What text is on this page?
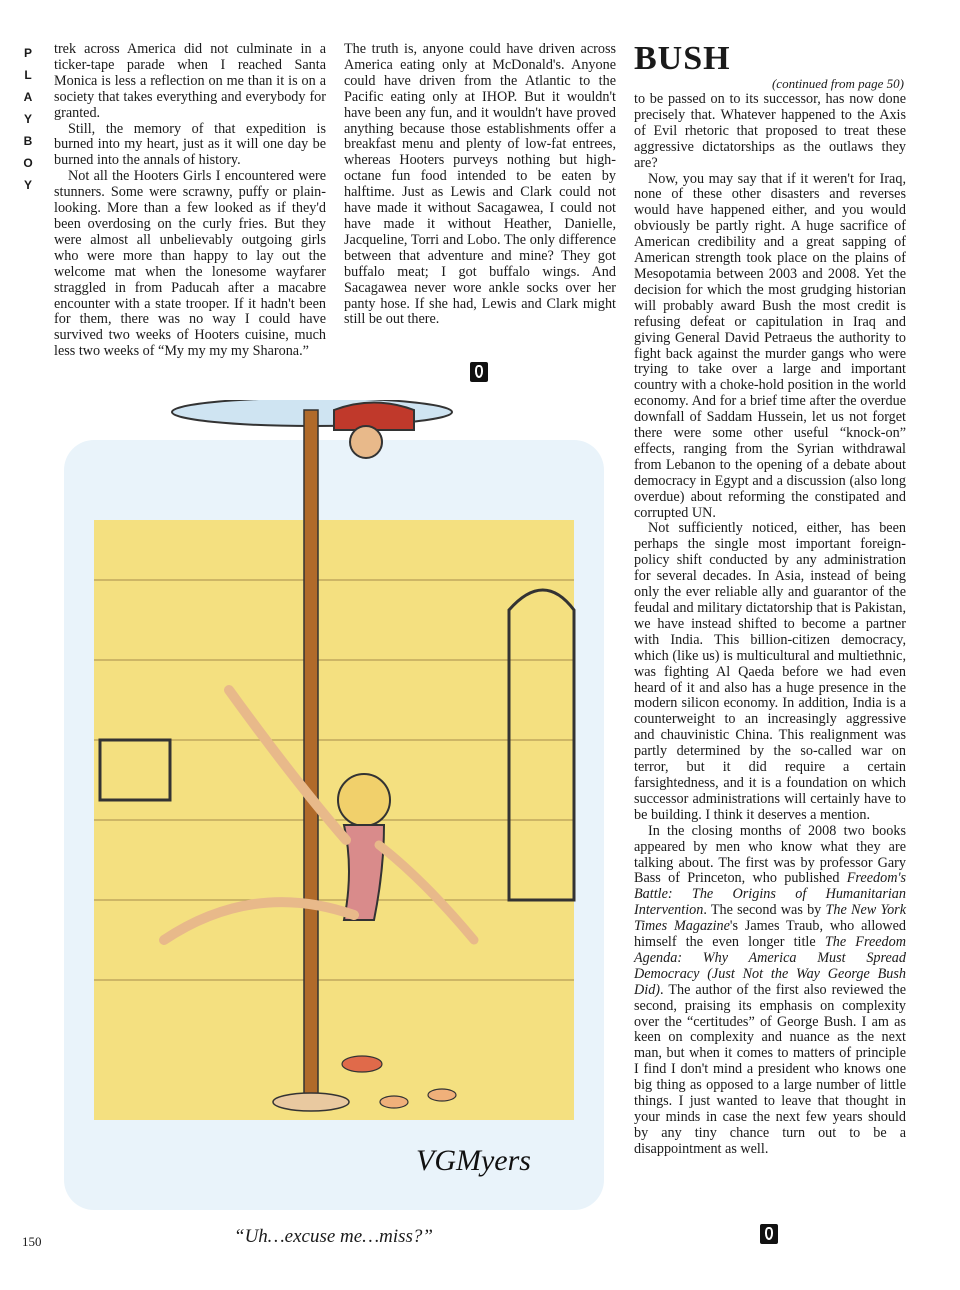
P
L
A
Y
B
O
Y

trek across America did not culminate in a ticker-tape parade when I reached Santa Monica is less a reflection on me than it is on a society that takes everything and everybody for granted.

Still, the memory of that expedition is burned into my heart, just as it will one day be burned into the annals of history.

Not all the Hooters Girls I encountered were stunners. Some were scrawny, puffy or plain-looking. More than a few looked as if they'd been overdosing on the curly fries. But they were almost all unbelievably outgoing girls who were more than happy to lay out the welcome mat when the lonesome wayfarer straggled in from Paducah after a macabre encounter with a state trooper. If it hadn't been for them, there was no way I could have survived two weeks of Hooters cuisine, much less two weeks of “My my my my Sharona.”

The truth is, anyone could have driven across America eating only at McDonald's. Anyone could have driven from the Atlantic to the Pacific eating only at IHOP. But it wouldn't have been any fun, and it wouldn't have proved anything because those establishments offer a breakfast menu and plenty of low-fat entrees, whereas Hooters purveys nothing but high-octane fun food intended to be eaten by halftime. Just as Lewis and Clark could not have made it without Sacagawea, I could not have made it without Heather, Danielle, Jacqueline, Torri and Lobo. The only difference between that adventure and mine? They got buffalo meat; I got buffalo wings. And Sacagawea never wore ankle socks over her panty hose. If she had, Lewis and Clark might still be out there.

BUSH
(continued from page 50)

to be passed on to its successor, has now done precisely that. Whatever happened to the Axis of Evil rhetoric that proposed to treat these aggressive dictatorships as the outlaws they are?

Now, you may say that if it weren't for Iraq, none of these other disasters and reverses would have happened either, and you would obviously be partly right. A huge sacrifice of American credibility and a great sapping of American strength took place on the plains of Mesopotamia between 2003 and 2008. Yet the decision for which the most grudging historian will probably award Bush the most credit is refusing defeat or capitulation in Iraq and giving General David Petraeus the authority to fight back against the murder gangs who were trying to take over a large and important country with a choke-hold position in the world economy. And for a brief time after the overdue downfall of Saddam Hussein, let us not forget there were some other useful “knock-on” effects, ranging from the Syrian withdrawal from Lebanon to the opening of a debate about democracy in Egypt and a discussion (also long overdue) about reforming the constipated and corrupted UN.

Not sufficiently noticed, either, has been perhaps the single most important foreign-policy shift conducted by any administration for several decades. In Asia, instead of being only the ever reliable ally and guarantor of the feudal and military dictatorship that is Pakistan, we have instead shifted to become a partner with India. This billion-citizen democracy, which (like us) is multicultural and multiethnic, was fighting Al Qaeda before we had even heard of it and also has a huge presence in the modern silicon economy. In addition, India is a counterweight to an increasingly aggressive and chauvinistic China. This realignment was partly determined by the so-called war on terror, but it did require a certain farsightedness, and it is a foundation on which successor administrations will certainly have to be building. I think it deserves a mention.

In the closing months of 2008 two books appeared by men who know what they are talking about. The first was by professor Gary Bass of Princeton, who published Freedom's Battle: The Origins of Humanitarian Intervention. The second was by The New York Times Magazine's James Traub, who allowed himself the even longer title The Freedom Agenda: Why America Must Spread Democracy (Just Not the Way George Bush Did). The author of the first also reviewed the second, praising its emphasis on complexity over the “certitudes” of George Bush. I am as keen on complexity and nuance as the next man, but when it comes to matters of principle I find I don't mind a president who knows one big thing as opposed to a large number of little things. I just wanted to leave that thought in your minds in case the next few years should by any tiny chance turn out to be a disappointment as well.

VGMyers
“Uh…excuse me…miss?”
150
